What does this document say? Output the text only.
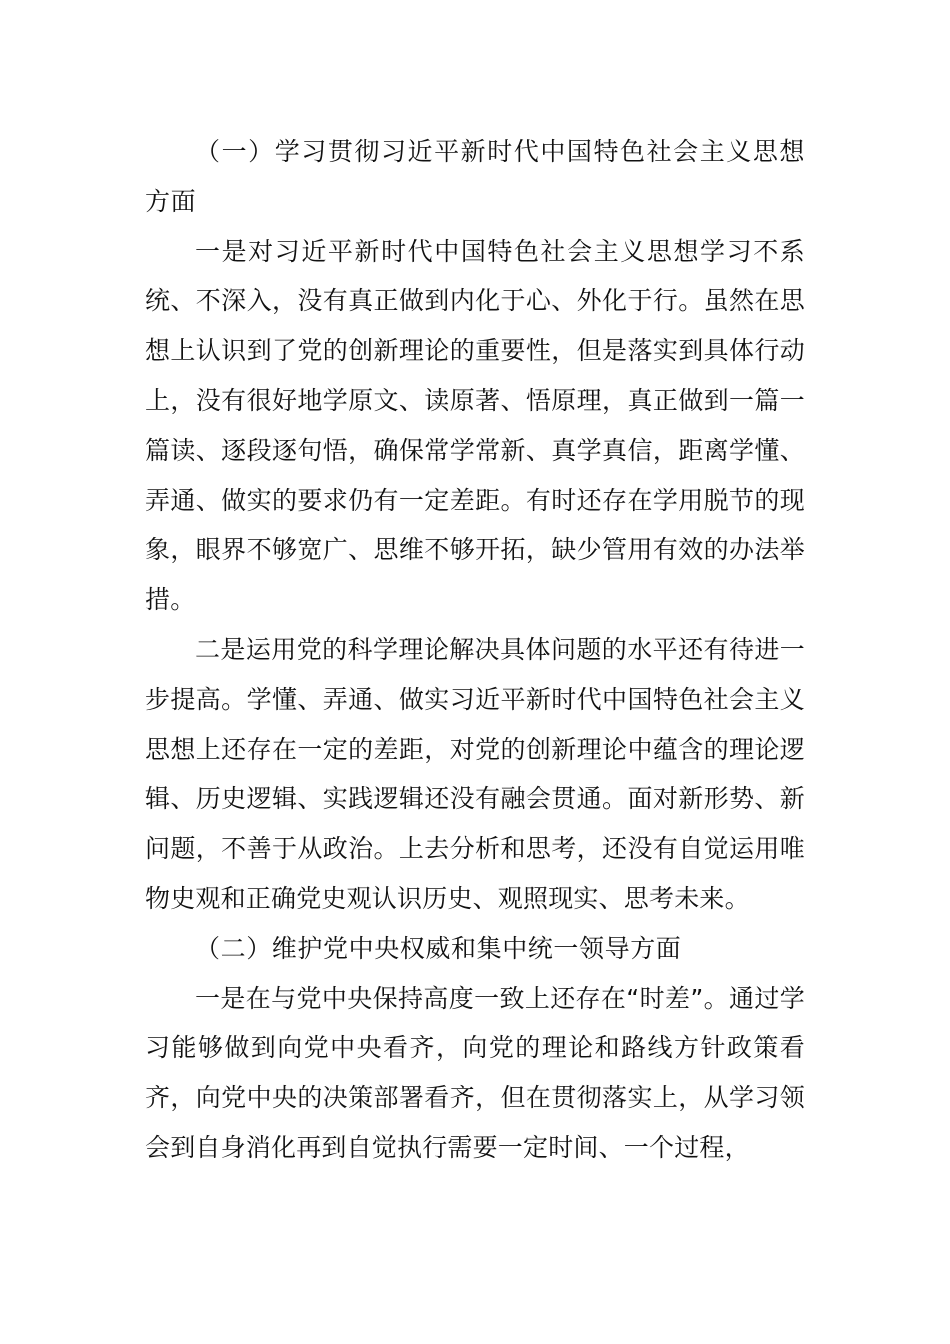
（一）学习贯彻习近平新时代中国特色社会主义思想方面

一是对习近平新时代中国特色社会主义思想学习不系统、不深入，没有真正做到内化于心、外化于行。虽然在思想上认识到了党的创新理论的重要性，但是落实到具体行动上，没有很好地学原文、读原著、悟原理，真正做到一篇一篇读、逐段逐句悟，确保常学常新、真学真信，距离学懂、弄通、做实的要求仍有一定差距。有时还存在学用脱节的现象，眼界不够宽广、思维不够开拓，缺少管用有效的办法举措。

二是运用党的科学理论解决具体问题的水平还有待进一步提高。学懂、弄通、做实习近平新时代中国特色社会主义思想上还存在一定的差距，对党的创新理论中蕴含的理论逻辑、历史逻辑、实践逻辑还没有融会贯通。面对新形势、新问题，不善于从政治。上去分析和思考，还没有自觉运用唯物史观和正确党史观认识历史、观照现实、思考未来。

（二）维护党中央权威和集中统一领导方面

一是在与党中央保持高度一致上还存在“时差”。通过学习能够做到向党中央看齐，向党的理论和路线方针政策看齐，向党中央的决策部署看齐，但在贯彻落实上，从学习领会到自身消化再到自觉执行需要一定时间、一个过程，
